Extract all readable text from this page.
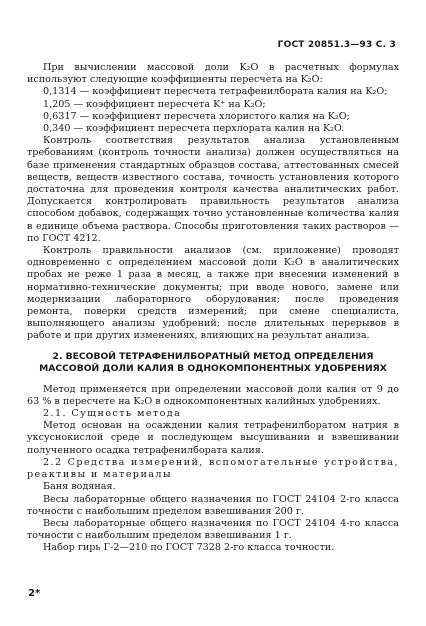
ГОСТ 20851.3—93 С. 3

При вычислении массовой доли K₂O в расчетных формулах используют следующие коэффициенты пересчета на K₂O:

0,1314 — коэффициент пересчета тетрафенилбората калия на K₂O;

1,205 — коэффициент пересчета K⁺ на K₂O;

0,6317 — коэффициент пересчета хлористого калия на K₂O;

0,340 — коэффициент пересчета перхлората калия на K₂O.

Контроль соответствия результатов анализа установленным требованиям (контроль точности анализа) должен осуществляться на базе применения стандартных образцов состава, аттестованных смесей веществ, веществ известного состава, точность установления которого достаточна для проведения контроля качества аналитических работ. Допускается контролировать правильность результатов анализа способом добавок, содержащих точно установленные количества калия в единице объема раствора. Способы приготовления таких растворов — по ГОСТ 4212.

Контроль правильности анализов (см. приложение) проводят одновременно с определением массовой доли K₂O в аналитических пробах не реже 1 раза в месяц, а также при внесении изменений в нормативно-технические документы; при вводе нового, замене или модернизации лабораторного оборудования; после проведения ремонта, поверки средств измерений; при смене специалиста, выполняющего анализы удобрений; после длительных перерывов в работе и при других изменениях, влияющих на результат анализа.

2. ВЕСОВОЙ ТЕТРАФЕНИЛБОРАТНЫЙ МЕТОД ОПРЕДЕЛЕНИЯ МАССОВОЙ ДОЛИ КАЛИЯ В ОДНОКОМПОНЕНТНЫХ УДОБРЕНИЯХ

Метод применяется при определении массовой доли калия от 9 до 63 % в пересчете на K₂O в однокомпонентных калийных удобрениях.

2.1. Сущность метода

Метод основан на осаждении калия тетрафенилборатом натрия в уксуснокислой среде и последующем высушивании и взвешивании полученного осадка тетрафенилбората калия.

2.2 Средства измерений, вспомогательные устройства, реактивы и материалы

Баня водяная.

Весы лабораторные общего назначения по ГОСТ 24104 2-го класса точности с наибольшим пределом взвешивания 200 г.

Весы лабораторные общего назначения по ГОСТ 24104 4-го класса точности с наибольшим пределом взвешивания 1 г.

Набор гирь Г-2—210 по ГОСТ 7328 2-го класса точности.

2*
